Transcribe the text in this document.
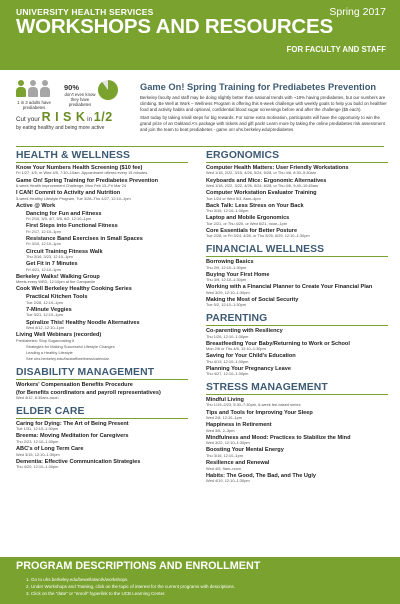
UNIVERSITY HEALTH SERVICES	Spring 2017
WORKSHOPS AND RESOURCES
FOR FACULTY AND STAFF
1 in 3 adults have prediabetes
90%
don't even know they have prediabetes
Cut your R I S K in 1/2
by eating healthy and being more active
Game On! Spring Training for Prediabetes Prevention

Berkeley faculty and staff may be doing slightly better than national trends with ~18% having prediabetes, but our numbers are climbing. Be Well at Work – Wellness Program is offering this 6-week challenge with weekly goals to help you build on healthier food and activity habits and optional, confidential blood sugar screenings before and after the challenge ($5 each).

Start today by taking small steps for big rewards. For some extra motivation, participants will have the opportunity to win the grand prize of an Oakland A's package with tickets and gift pack! Learn more by taking the online prediabetes risk assessment and join the team to beat prediabetes - game on! uhs.berkeley.edu/prediabetes

HEALTH & WELLNESS
Know Your Numbers Health Screening ($10 fee)
Fri 1/27, 4/5, or Wed 4/5, 7:30–10am. Appointment offered every 15 minutes.
Game On! Spring Training for Prediabetes Prevention
6-week Health Improvement Challenge, Mon Feb 13–Fri Mar 24
I CAN! Commit to Activity and Nutrition
5-week Healthy Lifestyle Program, Tue 3/28–Thu 4/27, 12:10–1pm
Active @ Work
Dancing for Fun and Fitness
Fri 2/10, 3/3, 4/7, 5/5, 6/2, 12:10–1pm
First Steps into Functional Fitness
Fri 2/17, 12:10–1pm
Resistance Band Exercises in Small Spaces
Fri 3/10, 12:10–1pm
Circuit Training Fitness Walk
Thu 3/16, 3/23, 12:10–1pm
Get Fit in 7 Minutes
Fri 4/21, 12:10–1pm
Berkeley Walks! Walking Group
Meets every WED, 12:10pm at the Campanile
Cook Well Berkeley Healthy Cooking Series
Practical Kitchen Tools
Tue 2/28, 12:10–1pm
7-Minute Veggies
Tue 3/21, 12:10–1pm
Spiralize This! Healthy Noodle Alternatives
Wed 4/12, 12:10–1pm
Living Well Webinars (recorded)
Prediabetes: Stop Sugarcoating It
Strategies for Making Successful Lifestyle Changes
Leading a Healthy Lifestyle
See uhs.berkeley.edu/facstaff/wellness/calendar
DISABILITY MANAGEMENT
Workers' Compensation Benefits Procedure
(for Benefits coordinators and payroll representatives)
Wed 4/12, 8:30am–noon
ELDER CARE
Caring for Dying: The Art of Being Present
Tue 1/31, 12:10–1:30pm
Breema: Moving Meditation for Caregivers
Thu 2/23, 12:10–1:30pm
ABC's of Long Term Care
Wed 3/15, 12:10–1:30pm
Dementia: Effective Communication Strategies
Thu 4/20, 12:10–1:30pm
ERGONOMICS
Computer Health Matters: User Friendly Workstations
Wed 1/18, 2/22, 3/15, 4/26, 5/24, 6/28, or Thu 4/6, 8:30–9:30am
Keyboards and Mice: Ergonomic Alternatives
Wed 1/18, 2/22, 3/22, 4/26, 5/24, 6/28, or Thu 4/6, 9:45–10:45am
Computer Workstation Evaluator Training
Tue 1/24 or Wed 5/3, 8am–4pm
Back Talk: Less Stress on Your Back
Thu 3/16, 12:10–1:30pm
Laptop and Mobile Ergonomics
Tue 2/21, or Thu 4/20, or Wed 6/21, noon–1pm
Core Essentials for Better Posture
Tue 2/28, or Fri 3/24, 4/28, or Thu 5/25, 6/29, 12:10–1:30pm
FINANCIAL WELLNESS
Borrowing Basics
Thu 2/9, 12:10–1:30pm
Buying Your First Home
Thu 3/9, 12:10–1:30pm
Working with a Financial Planner to Create Your Financial Plan
Wed 3/29, 12:10–1:30pm
Making the Most of Social Security
Tue 5/2, 12:10–1:30pm
PARENTING
Co-parenting with Resiliency
Thu 1/26, 12:10–1:30pm
Breastfeeding Your Baby/Returning to Work or School
Mon 2/6 or Thu 4/6, 12:10–1:30pm
Saving for Your Child's Education
Thu 4/13, 12:10–1:30pm
Planning Your Pregnancy Leave
Thu 4/27, 12:10–1:30pm
STRESS MANAGEMENT
Mindful Living
Thu 1/19–2/23, 5:30–7:30pm, 6-week fee-based series
Tips and Tools for Improving Your Sleep
Wed 2/8, 12:10–1pm
Happiness in Retirement
Wed 3/8, 2–3pm
Mindfulness and Mood: Practices to Stabilize the Mind
Wed 3/22, 12:10–1:30pm
Boosting Your Mental Energy
Thu 3/16, 12:10–1pm
Resilience and Renewal
Wed 4/5, 9am–noon
Habits: The Good, The Bad, and The Ugly
Wed 4/19, 12:10–1:30pm
PROGRAM DESCRIPTIONS AND ENROLLMENT
1. Go to uhs.berkeley.edu/bewellatwork/workshops.
2. Under Workshops and Training, click on the topic of interest for the current programs with descriptions.
3. Click on the "date" or "enroll" hyperlink to the UCB Learning Center.
